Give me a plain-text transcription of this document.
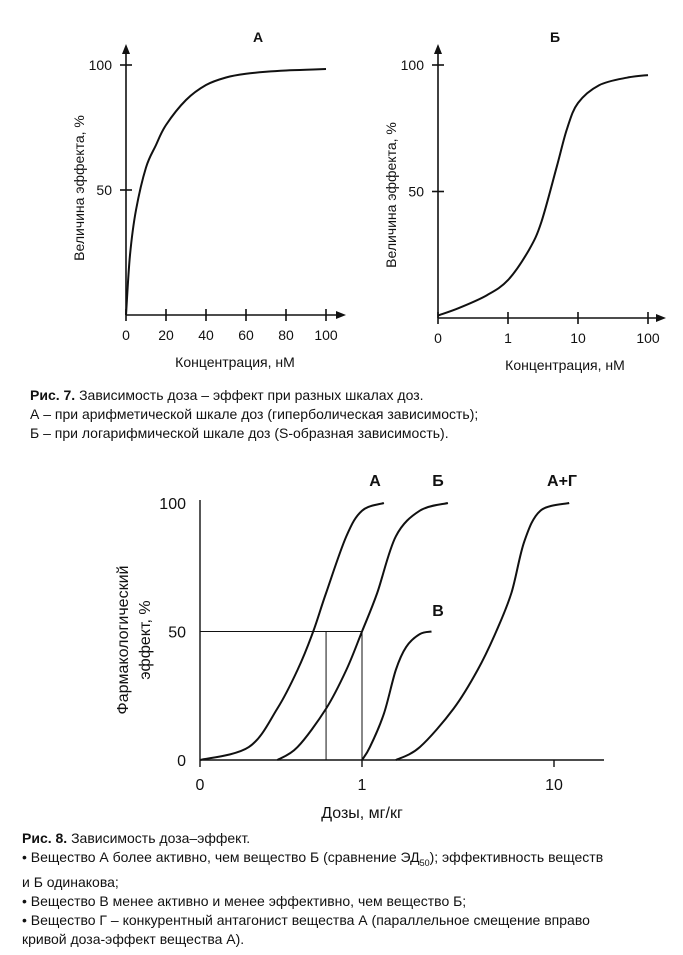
А
0 20 40 60 80 100
50
100
Концентрация, нМ
Величина эффекта, %
Б
0	1	10	100
50
100
Концентрация, нМ
Величина эффекта, %
0	1	10
0
50
100
А	Б
В
А+Г
Дозы, мг/кг
Фармакологический эффект, %
Рис. 7. Зависимость доза – эффект при разных шкалах доз.
А – при арифметической шкале доз (гиперболическая зависимость);
Б – при логарифмической шкале доз (S-образная зависимость).
Рис. 8. Зависимость доза–эффект.
• Вещество А более активно, чем вещество Б (сравнение $ЭД_{50}$); эффективность веществ
и Б одинакова;
• Вещество В менее активно и менее эффективно, чем вещество Б;
• Вещество Г – конкурентный антагонист вещества А (параллельное смещение вправо
кривой доза-эффект вещества А).
